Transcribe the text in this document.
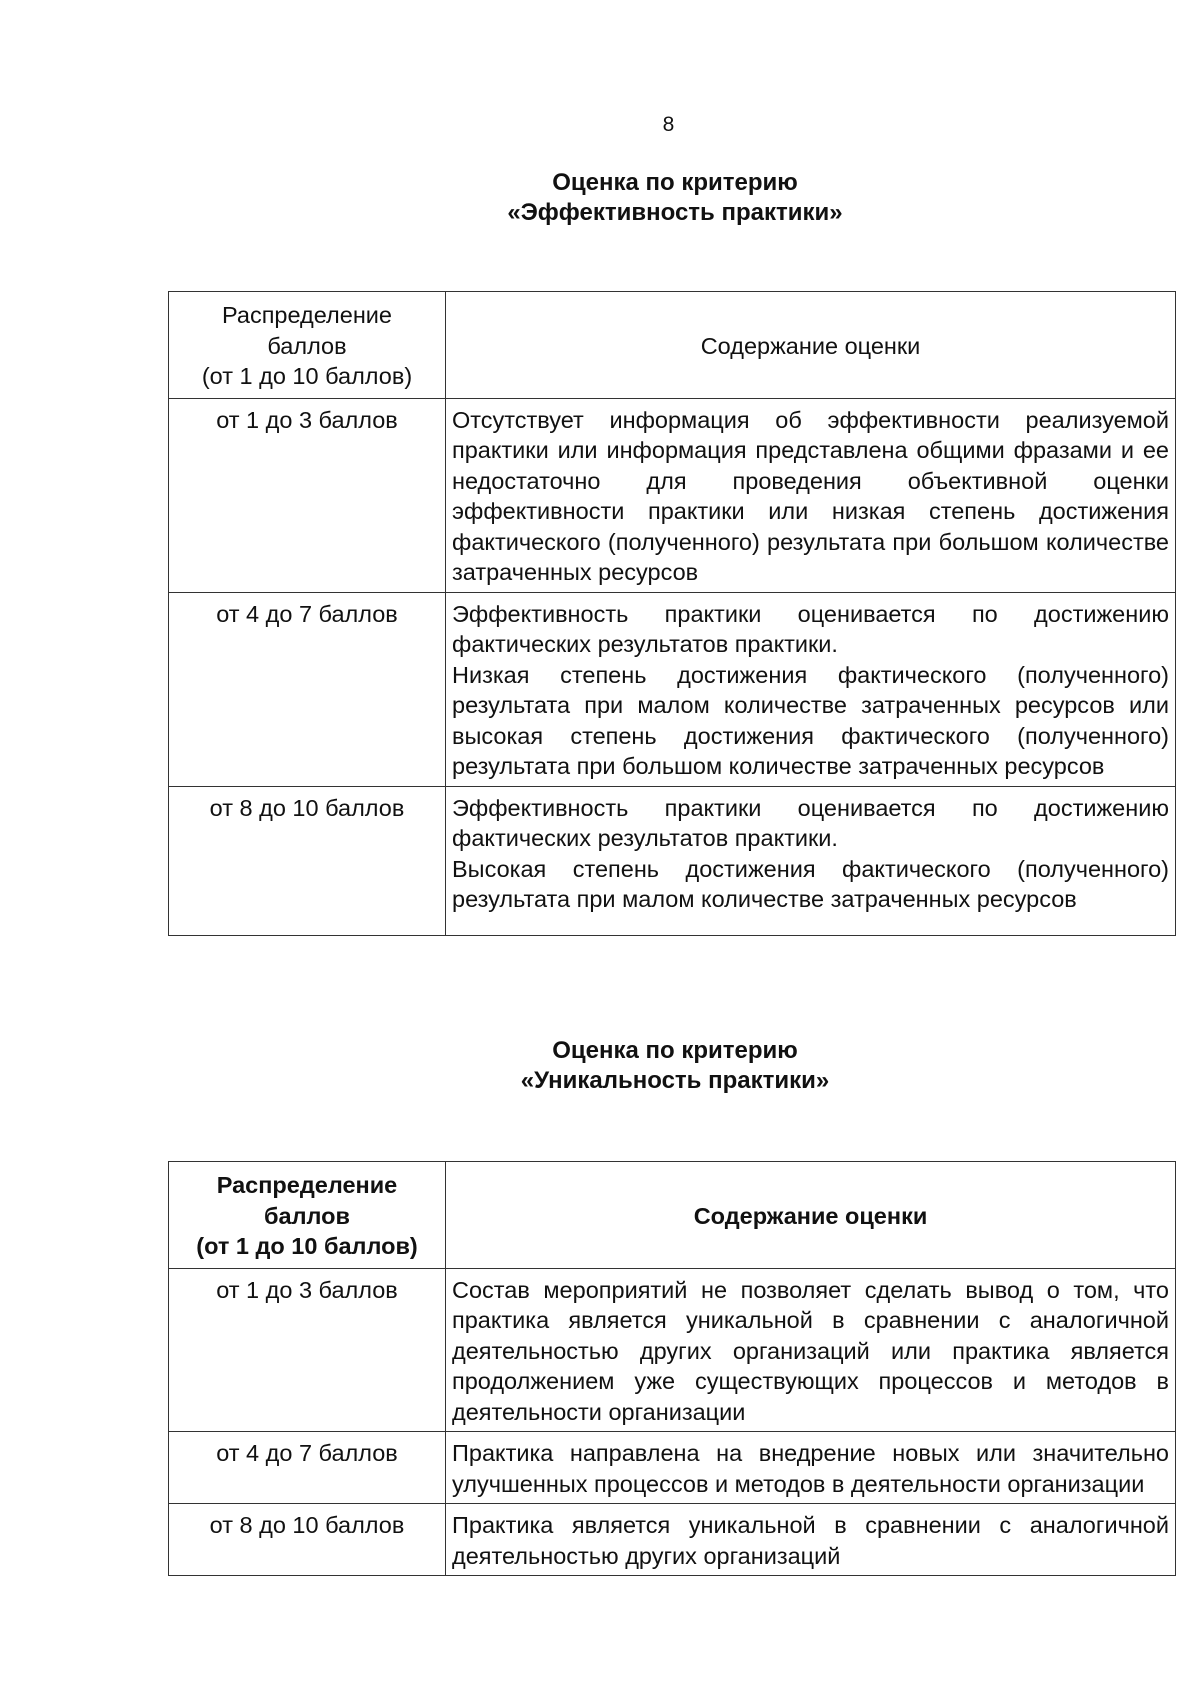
8
Оценка по критерию
«Эффективность практики»
Распределение
баллов
(от 1 до 10 баллов)	Содержание оценки
от 1 до 3 баллов	Отсутствует информация об эффективности реализуемой практики или информация представлена общими фразами и ее недостаточно для проведения объективной оценки эффективности практики или низкая степень достижения фактического (полученного) результата при большом количестве затраченных ресурсов
от 4 до 7 баллов	Эффективность практики оценивается по достижению фактических результатов практики.

Низкая степень достижения фактического (полученного) результата при малом количестве затраченных ресурсов или высокая степень достижения фактического (полученного) результата при большом количестве затраченных ресурсов

от 8 до 10 баллов	Эффективность практики оценивается по достижению фактических результатов практики.

Высокая степень достижения фактического (полученного) результата при малом количестве затраченных ресурсов

Оценка по критерию
«Уникальность практики»
Распределение
баллов
(от 1 до 10 баллов)	Содержание оценки
от 1 до 3 баллов	Состав мероприятий не позволяет сделать вывод о том, что практика является уникальной в сравнении с аналогичной деятельностью других организаций или практика является продолжением уже существующих процессов и методов в деятельности организации
от 4 до 7 баллов	Практика направлена на внедрение новых или значительно улучшенных процессов и методов в деятельности организации
от 8 до 10 баллов	Практика является уникальной в сравнении с аналогичной деятельностью других организаций
